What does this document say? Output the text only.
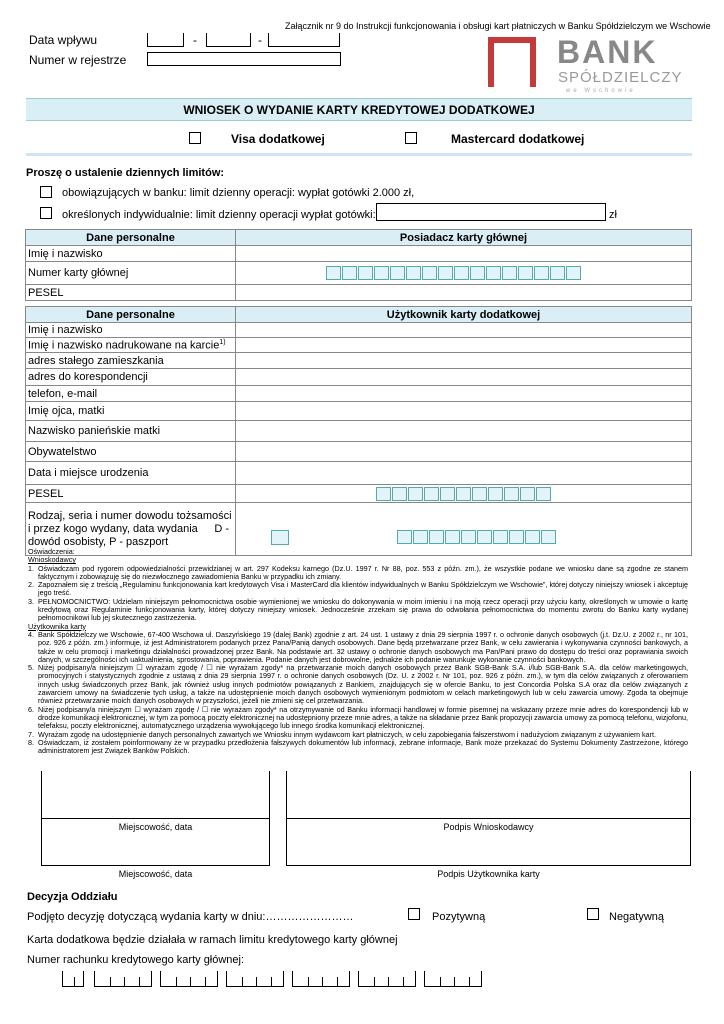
Załącznik nr 9 do Instrukcji funkcjonowania i obsługi kart płatniczych w Banku Spółdzielczym we Wschowie
Data wpływu	-	-
Numer w rejestrze	BANK
SPÓŁDZIELCZY
we Wschowie
WNIOSEK O WYDANIE KARTY KREDYTOWEJ DODATKOWEJ
Visa dodatkowej	Mastercard dodatkowej
Proszę o ustalenie dziennych limitów:
obowiązujących w banku: limit dzienny operacji: wypłat gotówki 2.000 zł,
określonych indywidualnie: limit dzienny operacji wypłat gotówki:	zł
Dane personalne	Posiadacz karty głównej
Imię i nazwisko	
Numer karty głównej	

PESEL	
Dane personalne	Użytkownik karty dodatkowej
Imię i nazwisko	
Imię i nazwisko nadrukowane na karcie$^{1)}$	
adres stałego zamieszkania	
adres do korespondencji	
telefon, e-mail	
Imię ojca, matki	
Nazwisko panieńskie matki	
Obywatelstwo	
Data i miejsce urodzenia	
PESEL	

Rodzaj, seria i numer dowodu tożsamości i przez kogo wydany, data wydania D -

dowód osobisty, P - paszport	
Oświadczenia:
Wnioskodawcy
1. Oświadczam pod rygorem odpowiedzialności przewidzianej w art. 297 Kodeksu karnego (Dz.U. 1997 r. Nr 88, poz. 553 z późn. zm.), że wszystkie podane we wniosku dane są zgodne ze stanem faktycznym i zobowiązuję się do niezwłocznego zawiadomienia Banku w przypadku ich zmiany.
2. Zapoznałem się z treścią „Regulaminu funkcjonowania kart kredytowych Visa i MasterCard dla klientów indywidualnych w Banku Spółdzielczym we Wschowie”, której dotyczy niniejszy wniosek i akceptuję jego treść.
3. PEŁNOMOCNICTWO: Udzielam niniejszym pełnomocnictwa osobie wymienionej we wniosku do dokonywania w moim imieniu i na moją rzecz operacji przy użyciu karty, określonych w umowie o kartę kredytową oraz Regulaminie funkcjonowania karty, której dotyczy niniejszy wniosek. Jednocześnie zrzekam się prawa do odwołania pełnomocnictwa do momentu zwrotu do Banku karty wydanej pełnomocnikowi lub jej skutecznego zastrzeżenia.
Użytkownika karty
4. Bank Spółdzielczy we Wschowie, 67-400 Wschowa ul. Daszyńskiego 19 (dalej Bank) zgodnie z art. 24 ust. 1 ustawy z dnia 29 sierpnia 1997 r. o ochronie danych osobowych (j.t. Dz.U. z 2002 r., nr 101, poz. 926 z późn. zm.) informuje, iż jest Administratorem podanych przez Pana/Panią danych osobowych. Dane będą przetwarzane przez Bank, w celu zawierania i wykonywania czynności bankowych, a także w celu promocji i marketingu działalności prowadzonej przez Bank. Na podstawie art. 32 ustawy o ochronie danych osobowych ma Pan/Pani prawo do dostępu do treści oraz poprawiania swoich danych, w szczególności ich uaktualnienia, sprostowania, poprawienia. Podanie danych jest dobrowolne, jednakże ich podanie warunkuje wykonanie czynności bankowych.
5. Niżej podpisany/a niniejszym ☐ wyrażam zgodę / ☐ nie wyrażam zgody* na przetwarzanie moich danych osobowych przez Bank SGB-Bank S.A. i/lub SGB-Bank S.A. dla celów marketingowych, promocyjnych i statystycznych zgodnie z ustawą z dnia 29 sierpnia 1997 r. o ochronie danych osobowych (Dz. U. z 2002 r. Nr 101, poz. 926 z późn. zm.), w tym dla celów związanych z oferowaniem innych usług świadczonych przez Bank, jak również usług innych podmiotów powiązanych z Bankiem, znajdujących się w ofercie Banku, to jest Concordia Polska S.A oraz dla celów związanych z zawarciem umowy na świadczenie tych usług, a także na udostępnienie moich danych osobowych wymienionym podmiotom w celach marketingowych lub w celu zawarcia umowy. Zgoda ta obejmuje również przetwarzanie moich danych osobowych w przyszłości, jeżeli nie zmieni się cel przetwarzania.
6. Niżej podpisany/a niniejszym ☐ wyrażam zgodę / ☐ nie wyrażam zgody* na otrzymywanie od Banku informacji handlowej w formie pisemnej na wskazany przeze mnie adres do korespondencji lub w drodze komunikacji elektronicznej, w tym za pomocą poczty elektronicznej na udostępniony przeze mnie adres, a także na składanie przez Bank propozycji zawarcia umowy za pomocą telefonu, wizjofonu, telefaksu, poczty elektronicznej, automatycznego urządzenia wywołującego lub innego środka komunikacji elektronicznej.
7. Wyrażam zgodę na udostępnienie danych personalnych zawartych we Wniosku innym wydawcom kart płatniczych, w celu zapobiegania fałszerstwom i nadużyciom związanym z używaniem kart.
8. Oświadczam, iż zostałem poinformowany że w przypadku przedłożenia fałszywych dokumentów lub informacji, zebrane informacje, Bank może przekazać do Systemu Dokumenty Zastrzeżone, którego administratorem jest Związek Banków Polskich.
Miejscowość, data	Podpis Wnioskodawcy
Miejscowość, data	Podpis Użytkownika karty
Decyzja Oddziału
Podjęto decyzję dotyczącą wydania karty w dniu:……………………	Pozytywną	Negatywną
Karta dodatkowa będzie działała w ramach limitu kredytowego karty głównej
Numer rachunku kredytowego karty głównej:
